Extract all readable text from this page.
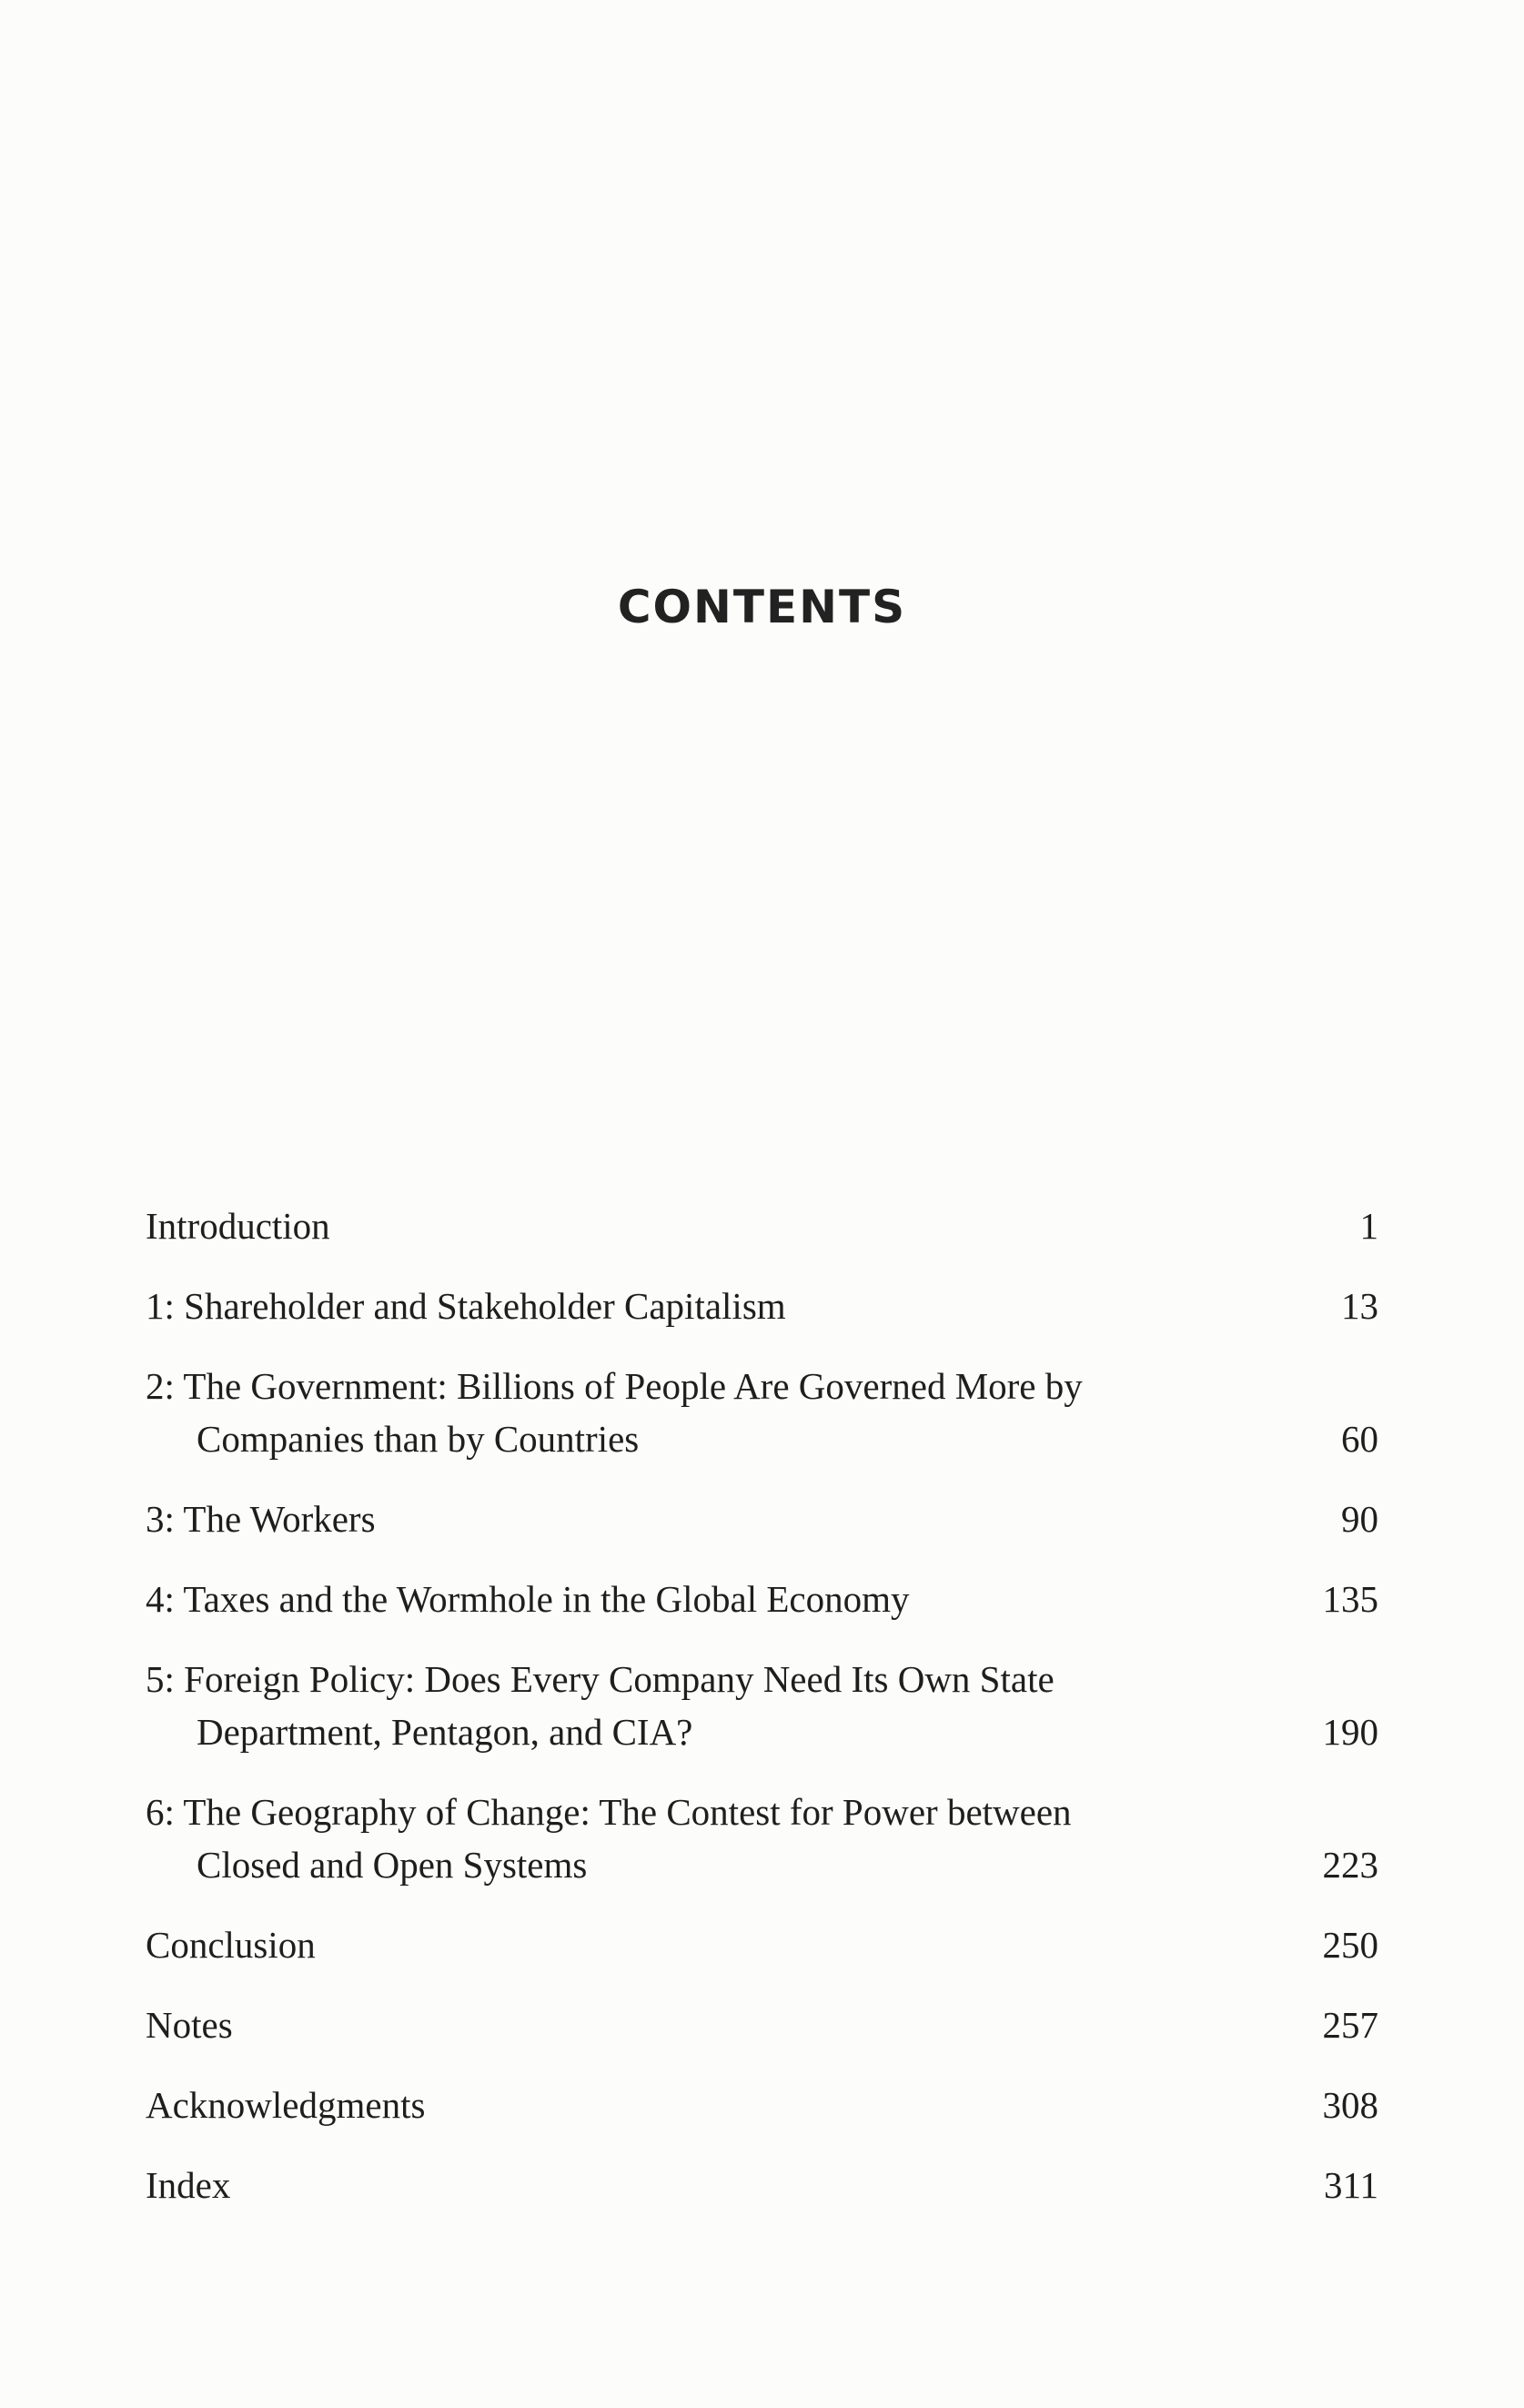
CONTENTS
Introduction	1
1: Shareholder and Stakeholder Capitalism	13
2: The Government: Billions of People Are Governed More by
Companies than by Countries	60
3: The Workers	90
4: Taxes and the Wormhole in the Global Economy	135
5: Foreign Policy: Does Every Company Need Its Own State
Department, Pentagon, and CIA?	190
6: The Geography of Change: The Contest for Power between
Closed and Open Systems	223
Conclusion	250
Notes	257
Acknowledgments	308
Index	311
